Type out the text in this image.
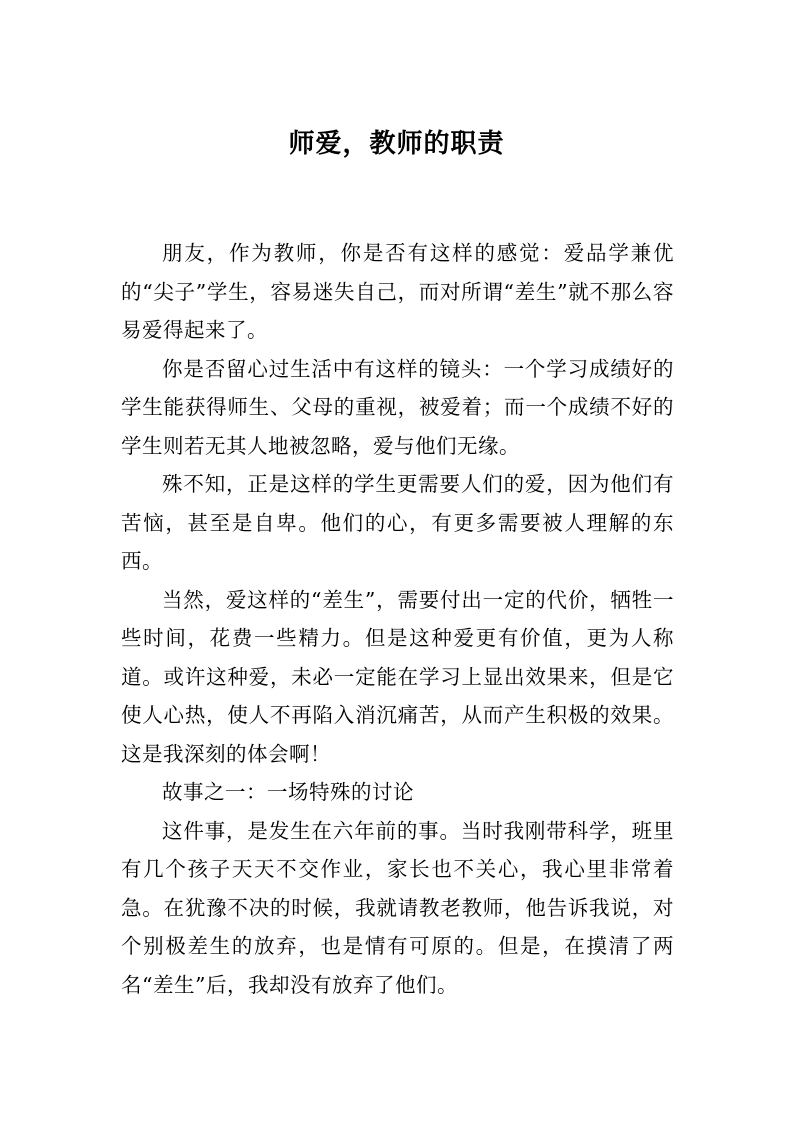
师爱，教师的职责

朋友，作为教师，你是否有这样的感觉：爱品学兼优的“尖子”学生，容易迷失自己，而对所谓“差生”就不那么容易爱得起来了。

你是否留心过生活中有这样的镜头：一个学习成绩好的学生能获得师生、父母的重视，被爱着；而一个成绩不好的学生则若无其人地被忽略，爱与他们无缘。

殊不知，正是这样的学生更需要人们的爱，因为他们有苦恼，甚至是自卑。他们的心，有更多需要被人理解的东西。

当然，爱这样的“差生”，需要付出一定的代价，牺牲一些时间，花费一些精力。但是这种爱更有价值，更为人称道。或许这种爱，未必一定能在学习上显出效果来，但是它使人心热，使人不再陷入消沉痛苦，从而产生积极的效果。这是我深刻的体会啊！

故事之一：一场特殊的讨论

这件事，是发生在六年前的事。当时我刚带科学，班里有几个孩子天天不交作业，家长也不关心，我心里非常着急。在犹豫不决的时候，我就请教老教师，他告诉我说，对个别极差生的放弃，也是情有可原的。但是，在摸清了两名“差生”后，我却没有放弃了他们。
